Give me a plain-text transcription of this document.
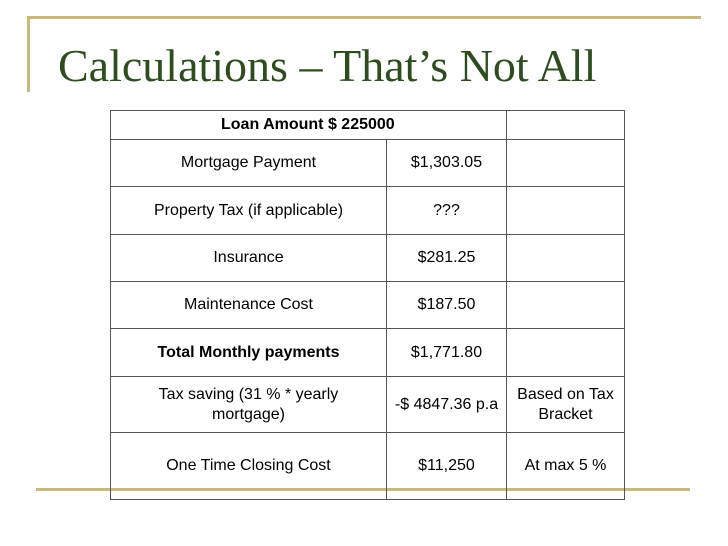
Calculations – That’s Not All
Loan Amount $ 225000		
Mortgage Payment	$1,303.05	
Property Tax (if applicable)	???	
Insurance	$281.25	
Maintenance Cost	$187.50	
Total Monthly payments	$1,771.80	
Tax saving (31 % * yearly mortgage)	-$ 4847.36 p.a	Based on Tax Bracket
One Time Closing Cost	$11,250	At max 5 %
